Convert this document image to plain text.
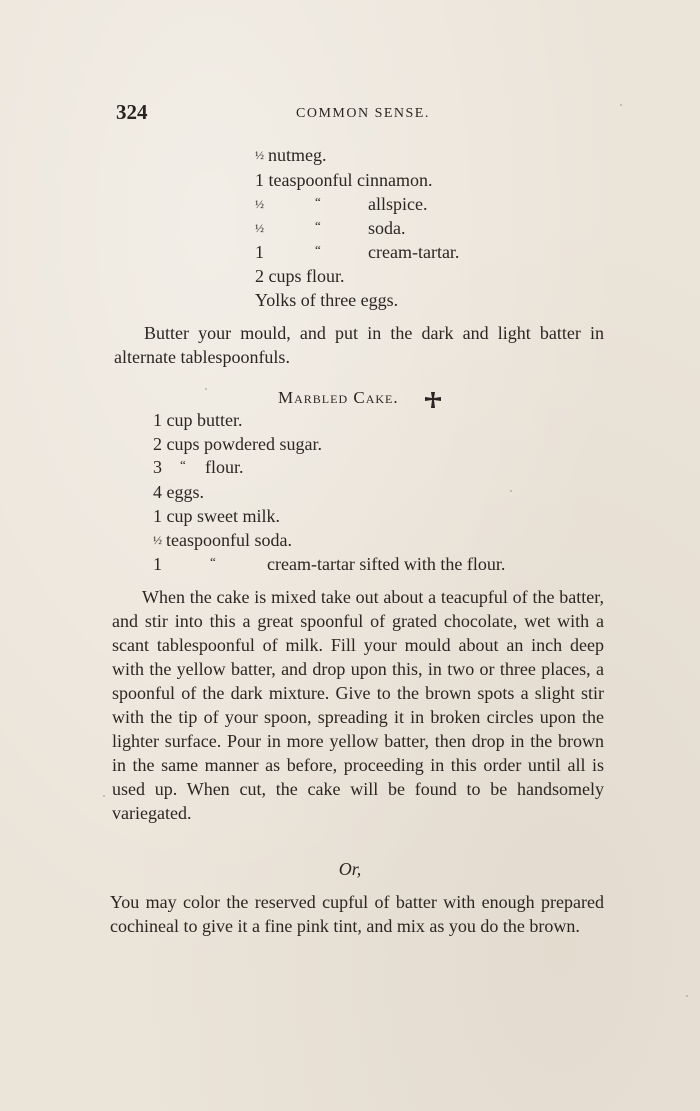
324	COMMON SENSE.
½ nutmeg.
1 teaspoonful cinnamon.
½	“	allspice.
½	“	soda.
1	“	cream-tartar.
2 cups flour.
Yolks of three eggs.

Butter your mould, and put in the dark and light batter in alternate tablespoonfuls.

Marbled Cake.
1 cup butter.
2 cups powdered sugar.
3 “ flour.
4 eggs.
1 cup sweet milk.
½ teaspoonful soda.
1	“	cream-tartar sifted with the flour.

When the cake is mixed take out about a teacupful of the batter, and stir into this a great spoonful of grated chocolate, wet with a scant tablespoonful of milk. Fill your mould about an inch deep with the yellow batter, and drop upon this, in two or three places, a spoonful of the dark mixture. Give to the brown spots a slight stir with the tip of your spoon, spreading it in broken circles upon the lighter surface. Pour in more yellow batter, then drop in the brown in the same manner as before, proceeding in this order until all is used up. When cut, the cake will be found to be handsomely variegated.

Or,

You may color the reserved cupful of batter with enough prepared cochineal to give it a fine pink tint, and mix as you do the brown.
